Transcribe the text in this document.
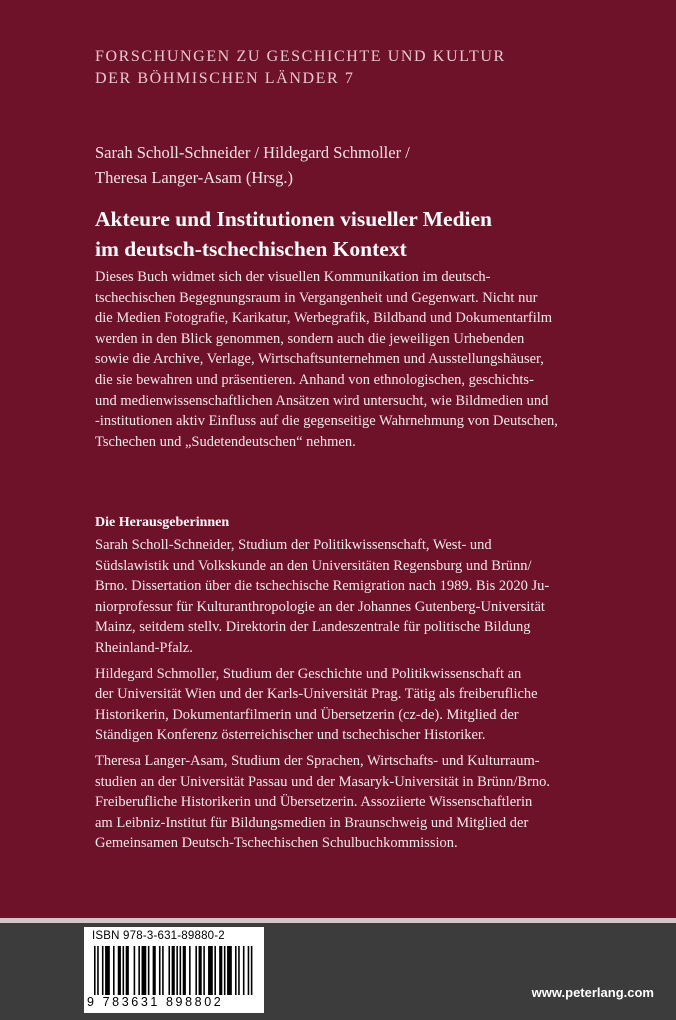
FORSCHUNGEN ZU GESCHICHTE UND KULTUR
DER BÖHMISCHEN LÄNDER 7
Sarah Scholl-Schneider / Hildegard Schmoller /
Theresa Langer-Asam (Hrsg.)
Akteure und Institutionen visueller Medien
im deutsch-tschechischen Kontext
Dieses Buch widmet sich der visuellen Kommunikation im deutsch-
tschechischen Begegnungsraum in Vergangenheit und Gegenwart. Nicht nur
die Medien Fotografie, Karikatur, Werbegrafik, Bildband und Dokumentarfilm
werden in den Blick genommen, sondern auch die jeweiligen Urhebenden
sowie die Archive, Verlage, Wirtschaftsunternehmen und Ausstellungshäuser,
die sie bewahren und präsentieren. Anhand von ethnologischen, geschichts-
und medienwissenschaftlichen Ansätzen wird untersucht, wie Bildmedien und
-institutionen aktiv Einfluss auf die gegenseitige Wahrnehmung von Deutschen,
Tschechen und „Sudetendeutschen“ nehmen.
Die Herausgeberinnen
Sarah Scholl-Schneider, Studium der Politikwissenschaft, West- und
Südslawistik und Volkskunde an den Universitäten Regensburg und Brünn/
Brno. Dissertation über die tschechische Remigration nach 1989. Bis 2020 Ju-
niorprofessur für Kulturanthropologie an der Johannes Gutenberg-Universität
Mainz, seitdem stellv. Direktorin der Landeszentrale für politische Bildung
Rheinland-Pfalz.
Hildegard Schmoller, Studium der Geschichte und Politikwissenschaft an
der Universität Wien und der Karls-Universität Prag. Tätig als freiberufliche
Historikerin, Dokumentarfilmerin und Übersetzerin (cz-de). Mitglied der
Ständigen Konferenz österreichischer und tschechischer Historiker.
Theresa Langer-Asam, Studium der Sprachen, Wirtschafts- und Kulturraum-
studien an der Universität Passau und der Masaryk-Universität in Brünn/Brno.
Freiberufliche Historikerin und Übersetzerin. Assoziierte Wissenschaftlerin
am Leibniz-Institut für Bildungsmedien in Braunschweig und Mitglied der
Gemeinsamen Deutsch-Tschechischen Schulbuchkommission.
ISBN 978-3-631-89880-2
9 783631 898802
www.peterlang.com
